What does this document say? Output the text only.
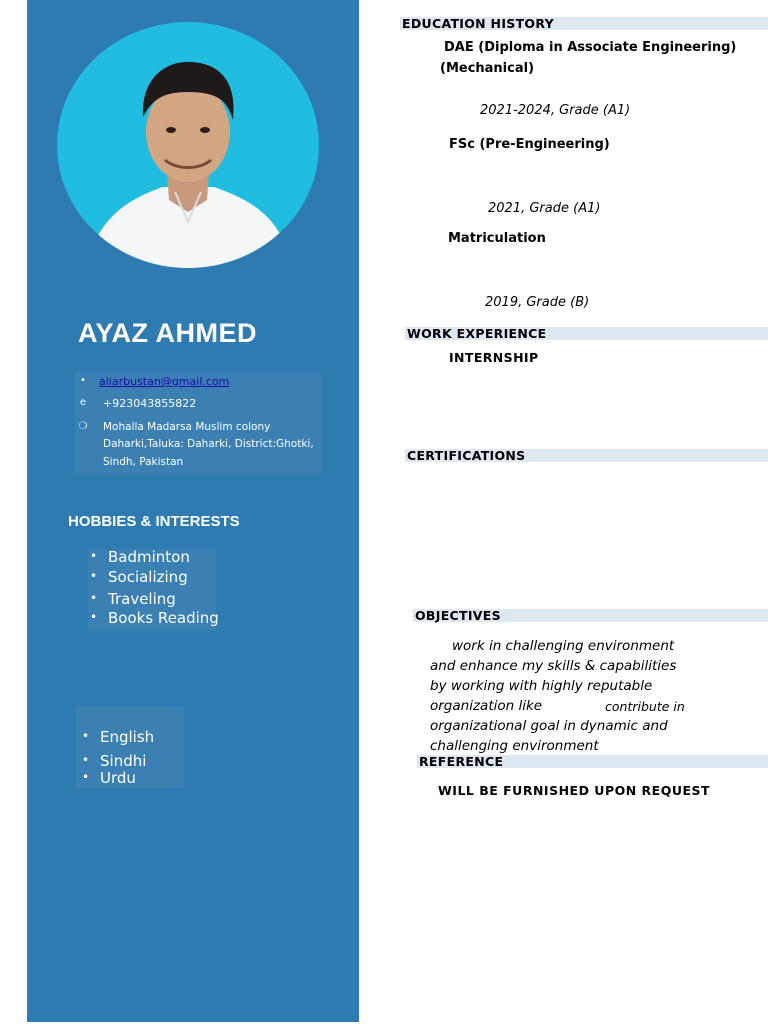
AYAZ AHMED
•	aliarbustan@gmail.com
e	+923043855822
❍	Mohalla Madarsa Muslim colony
Daharki,Taluka: Daharki, District:Ghotki,
Sindh, Pakistan
HOBBIES & INTERESTS
• Badminton
• Socializing
• Traveling
• Books Reading
• English
• Sindhi
• Urdu
EDUCATION HISTORY
DAE (Diploma in Associate Engineering)
(Mechanical)
2021-2024, Grade (A1)
FSc (Pre-Engineering)
2021, Grade (A1)
Matriculation
2019, Grade (B)
WORK EXPERIENCE
INTERNSHIP
CERTIFICATIONS
OBJECTIVES
work in challenging environment
and enhance my skills & capabilities
by working with highly reputable
organization like	contribute in
organizational goal in dynamic and
challenging environment
REFERENCE
WILL BE FURNISHED UPON REQUEST
